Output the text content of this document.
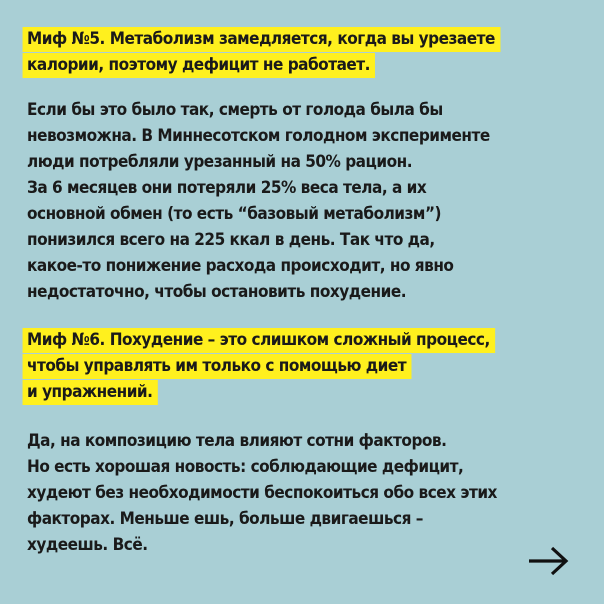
Миф №5. Метаболизм замедляется, когда вы урезаете
калории, поэтому дефицит не работает.
Если бы это было так, смерть от голода была бы
невозможна. В Миннесотском голодном эксперименте
люди потребляли урезанный на 50% рацион.
За 6 месяцев они потеряли 25% веса тела, а их
основной обмен (то есть “базовый метаболизм”)
понизился всего на 225 ккал в день. Так что да,
какое-то понижение расхода происходит, но явно
недостаточно, чтобы остановить похудение.
Миф №6. Похудение – это слишком сложный процесс,
чтобы управлять им только с помощью диет
и упражнений.
Да, на композицию тела влияют сотни факторов.
Но есть хорошая новость: соблюдающие дефицит,
худеют без необходимости беспокоиться обо всех этих
факторах. Меньше ешь, больше двигаешься –
худеешь. Всё.
